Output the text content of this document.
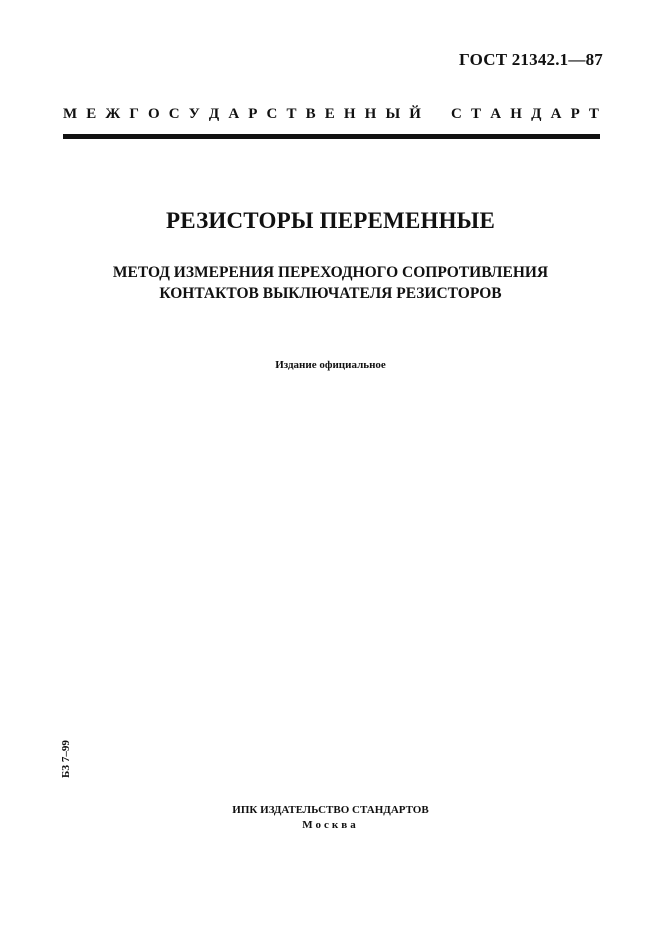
ГОСТ 21342.1—87
М Е Ж Г О С У Д А Р С Т В Е Н Н Ы Й С Т А Н Д А Р Т
РЕЗИСТОРЫ ПЕРЕМЕННЫЕ
МЕТОД ИЗМЕРЕНИЯ ПЕРЕХОДНОГО СОПРОТИВЛЕНИЯ
КОНТАКТОВ ВЫКЛЮЧАТЕЛЯ РЕЗИСТОРОВ
Издание официальное
БЗ 7–99
ИПК ИЗДАТЕЛЬСТВО СТАНДАРТОВ
Москва
